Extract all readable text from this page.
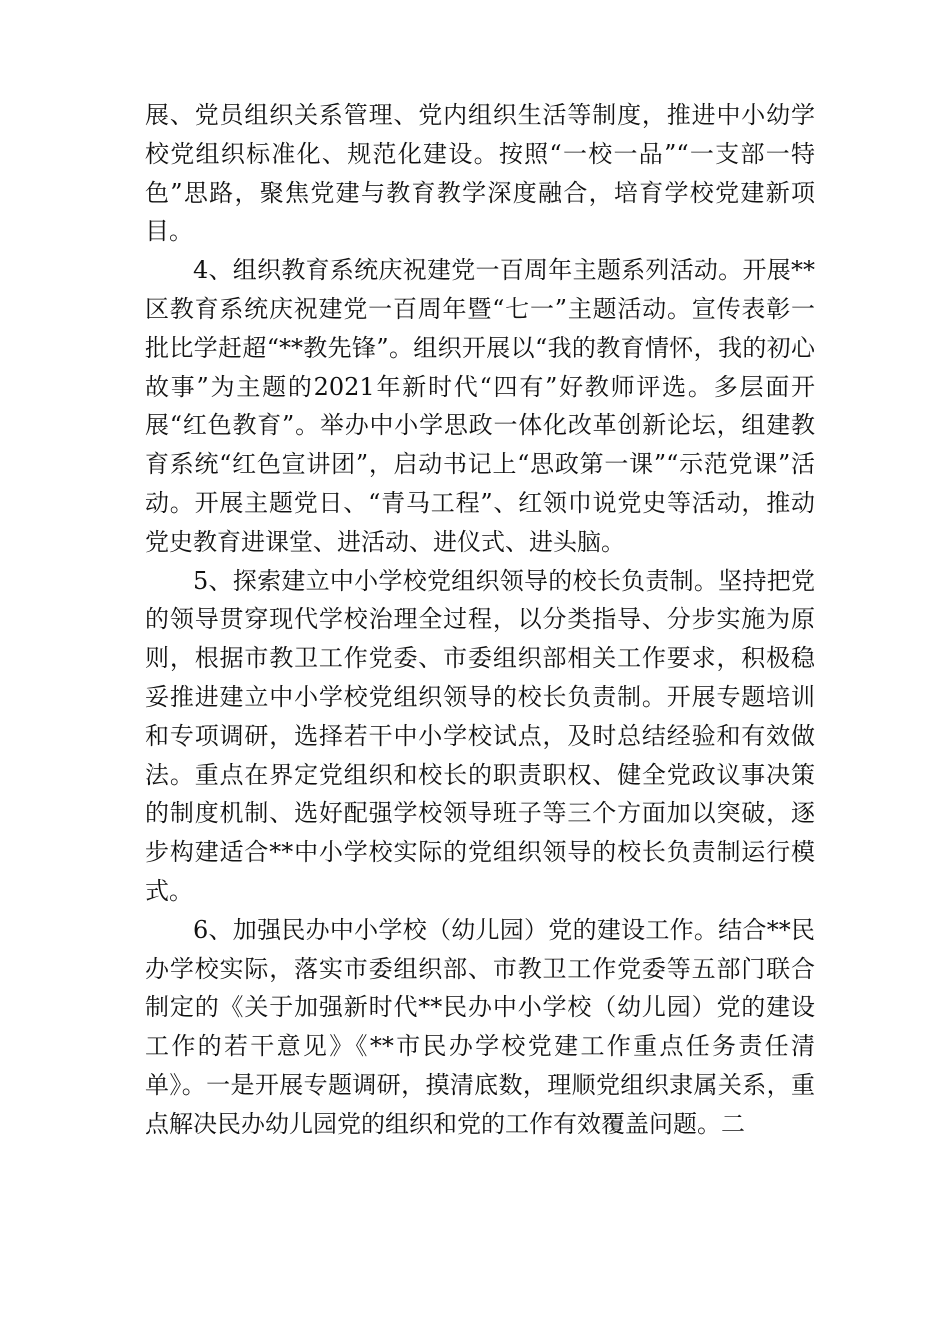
展、党员组织关系管理、党内组织生活等制度，推进中小幼学校党组织标准化、规范化建设。按照“一校一品”“一支部一特色”思路，聚焦党建与教育教学深度融合，培育学校党建新项目。

4、组织教育系统庆祝建党一百周年主题系列活动。开展**区教育系统庆祝建党一百周年暨“七一”主题活动。宣传表彰一批比学赶超“**教先锋”。组织开展以“我的教育情怀，我的初心故事”为主题的2021年新时代“四有”好教师评选。多层面开展“红色教育”。举办中小学思政一体化改革创新论坛，组建教育系统“红色宣讲团”，启动书记上“思政第一课”“示范党课”活动。开展主题党日、“青马工程”、红领巾说党史等活动，推动党史教育进课堂、进活动、进仪式、进头脑。

5、探索建立中小学校党组织领导的校长负责制。坚持把党的领导贯穿现代学校治理全过程，以分类指导、分步实施为原则，根据市教卫工作党委、市委组织部相关工作要求，积极稳妥推进建立中小学校党组织领导的校长负责制。开展专题培训和专项调研，选择若干中小学校试点，及时总结经验和有效做法。重点在界定党组织和校长的职责职权、健全党政议事决策的制度机制、选好配强学校领导班子等三个方面加以突破，逐步构建适合**中小学校实际的党组织领导的校长负责制运行模式。

6、加强民办中小学校（幼儿园）党的建设工作。结合**民办学校实际，落实市委组织部、市教卫工作党委等五部门联合制定的《关于加强新时代**民办中小学校（幼儿园）党的建设工作的若干意见》《**市民办学校党建工作重点任务责任清单》。一是开展专题调研，摸清底数，理顺党组织隶属关系，重点解决民办幼儿园党的组织和党的工作有效覆盖问题。二
